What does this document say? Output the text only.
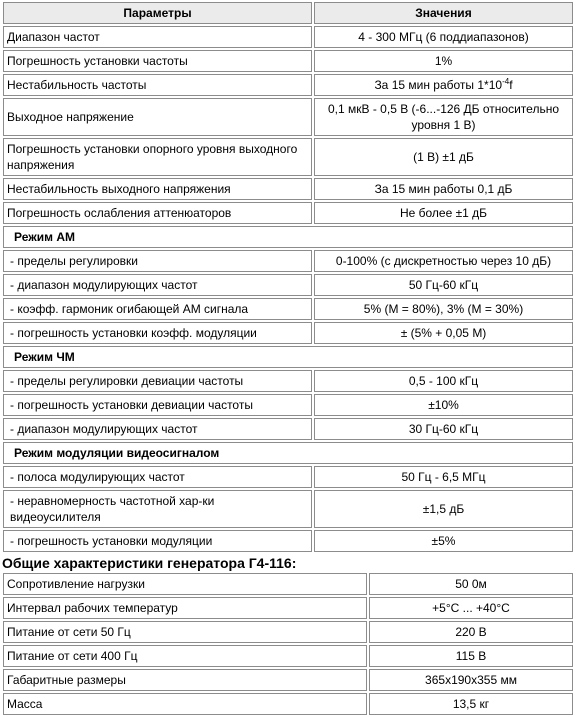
Параметры	Значения
Диапазон частот	4 - 300 МГц (6 поддиапазонов)
Погрешность установки частоты	1%
Нестабильность частоты	За 15 мин работы $1*10^{-4}f$
Выходное напряжение	0,1 мкВ - 0,5 В (-6...-126 ДБ относительно уровня 1 В)
Погрешность установки опорного уровня выходного напряжения	(1 В) ±1 дБ
Нестабильность выходного напряжения	За 15 мин работы 0,1 дБ
Погрешность ослабления аттенюаторов	Не более ±1 дБ
Режим АМ	
- пределы регулировки	0-100% (с дискретностью через 10 дБ)
- диапазон модулирующих частот	50 Гц-60 кГц
- коэфф. гармоник огибающей АМ сигнала	5% (М = 80%), 3% (М = 30%)
- погрешность установки коэфф. модуляции	± (5% + 0,05 М)
Режим ЧМ	
- пределы регулировки девиации частоты	0,5 - 100 кГц
- погрешность установки девиации частоты	±10%
- диапазон модулирующих частот	30 Гц-60 кГц
Режим модуляции видеосигналом	
- полоса модулирующих частот	50 Гц - 6,5 МГц
- неравномерность частотной хар-ки видеоусилителя	±1,5 дБ
- погрешность установки модуляции	±5%
Общие характеристики генератора Г4-116:
Сопротивление нагрузки	50 0м
Интервал рабочих температур	+5°C ... +40°C
Питание от сети 50 Гц	220 В
Питание от сети 400 Гц	115 В
Габаритные размеры	365x190x355 мм
Масса	13,5 кг
